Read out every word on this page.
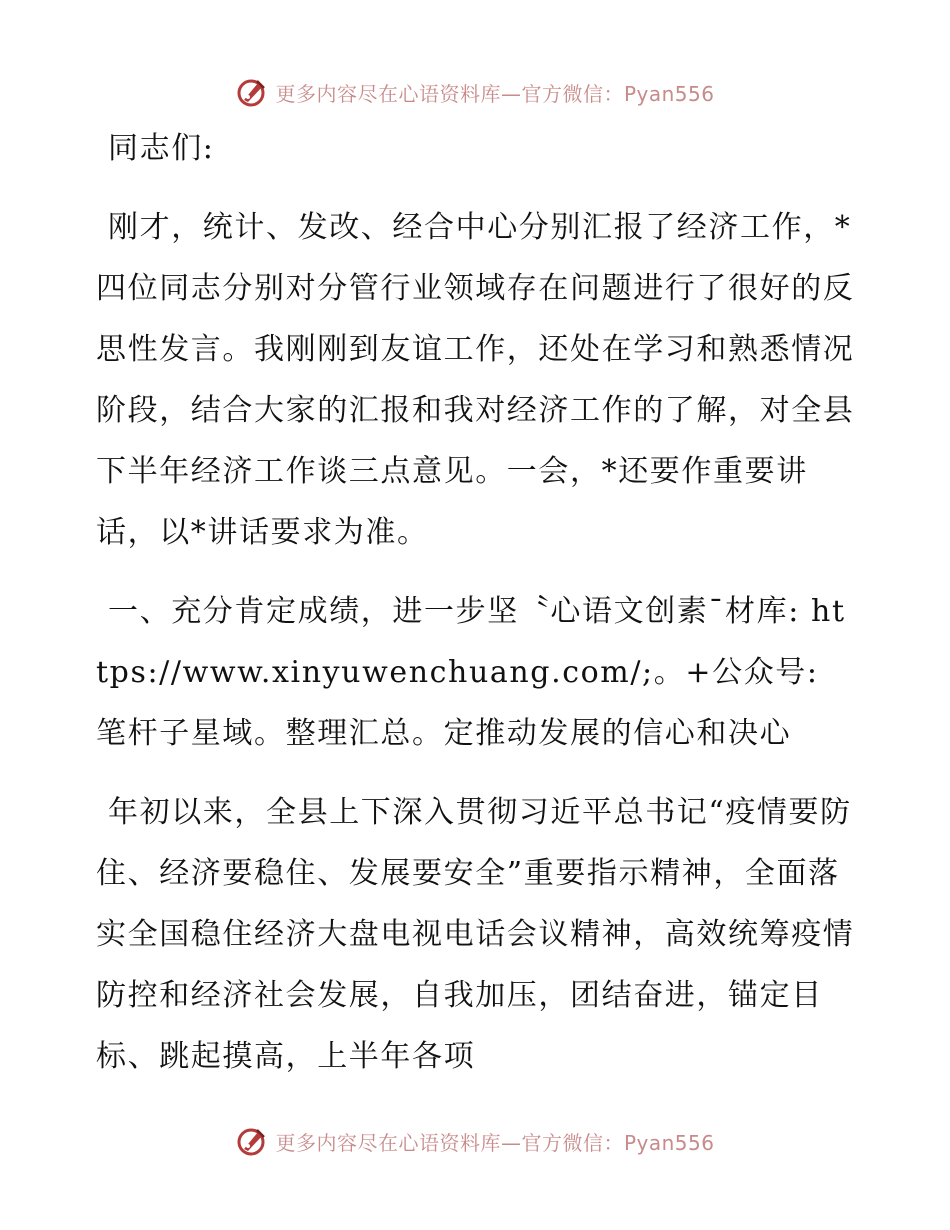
更多内容尽在心语资料库—官方微信：Pyan556

同志们:

刚才，统计、发改、经合中心分别汇报了经济工作，*四位同志分别对分管行业领域存在问题进行了很好的反思性发言。我刚刚到友谊工作，还处在学习和熟悉情况阶段，结合大家的汇报和我对经济工作的了解，对全县下半年经济工作谈三点意见。一会，*还要作重要讲话，以*讲话要求为准。

一、充分肯定成绩，进一步坚〝心语文创素¯材库: https://www.xinyuwenchuang.com/;。+公众号: 笔杆子星域。整理汇总。定推动发展的信心和决心

年初以来，全县上下深入贯彻习近平总书记“疫情要防住、经济要稳住、发展要安全”重要指示精神，全面落实全国稳住经济大盘电视电话会议精神，高效统筹疫情防控和经济社会发展，自我加压，团结奋进，锚定目标、跳起摸高，上半年各项

更多内容尽在心语资料库—官方微信：Pyan556
